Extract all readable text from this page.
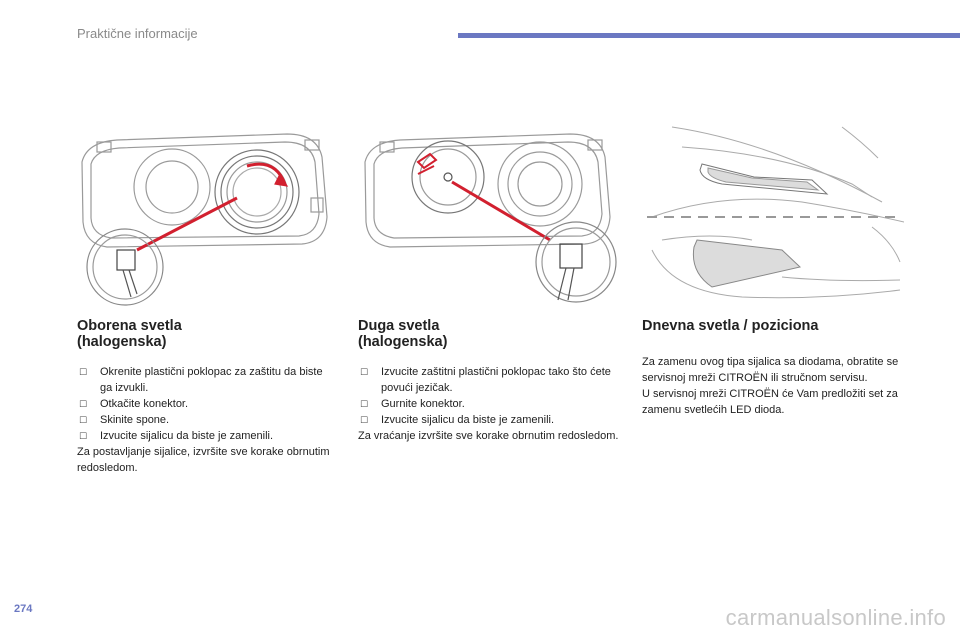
Praktične informacije
Oborena svetla
(halogenska)
☐ Okrenite plastični poklopac za zaštitu da biste ga izvukli.
☐ Otkačite konektor.
☐ Skinite spone.
☐ Izvucite sijalicu da biste je zamenili.

Za postavljanje sijalice, izvršite sve korake obrnutim redosledom.

Duga svetla
(halogenska)
☐ Izvucite zaštitni plastični poklopac tako što ćete povući jezičak.
☐ Gurnite konektor.
☐ Izvucite sijalicu da biste je zamenili.

Za vraćanje izvršite sve korake obrnutim redosledom.

Dnevna svetla / poziciona

Za zamenu ovog tipa sijalica sa diodama, obratite se servisnoj mreži CITROËN ili stručnom servisu.

U servisnoj mreži CITROËN će Vam predložiti set za zamenu svetlećih LED dioda.

274	carmanualsonline.info
